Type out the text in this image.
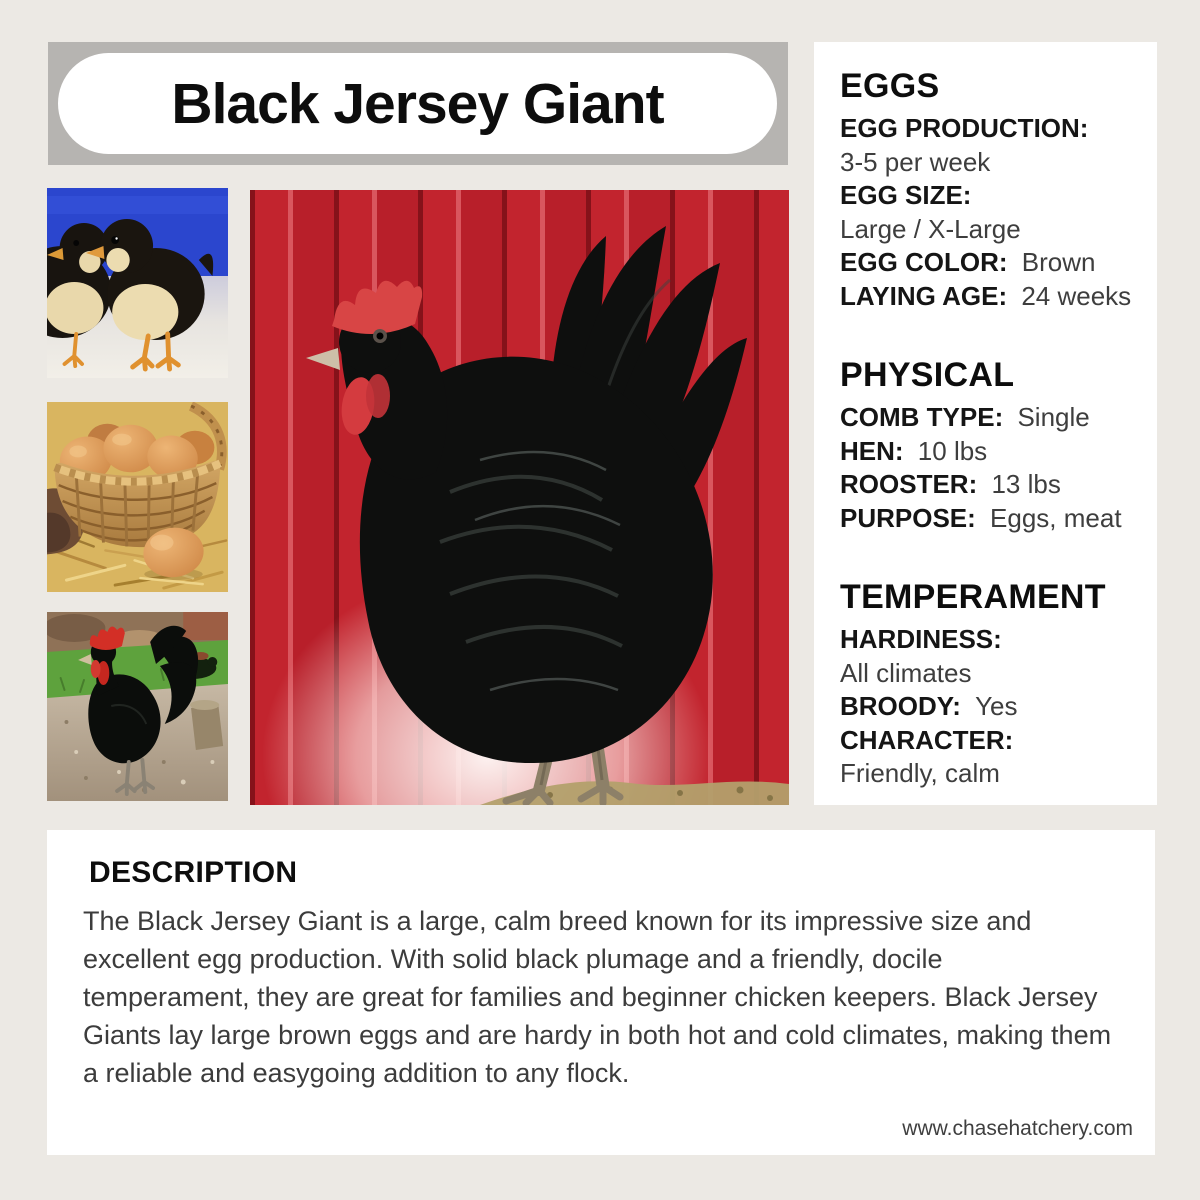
Black Jersey Giant	EGGS
EGG PRODUCTION:
3-5 per week
EGG SIZE:
Large / X-Large
EGG COLOR: Brown
LAYING AGE: 24 weeks
PHYSICAL
COMB TYPE: Single
HEN: 10 lbs
ROOSTER: 13 lbs
PURPOSE: Eggs, meat
TEMPERAMENT
HARDINESS:
All climates
BROODY: Yes
CHARACTER:
Friendly, calm
DESCRIPTION

The Black Jersey Giant is a large, calm breed known for its impressive size and excellent egg production. With solid black plumage and a friendly, docile temperament, they are great for families and beginner chicken keepers. Black Jersey Giants lay large brown eggs and are hardy in both hot and cold climates, making them a reliable and easygoing addition to any flock.

www.chasehatchery.com
